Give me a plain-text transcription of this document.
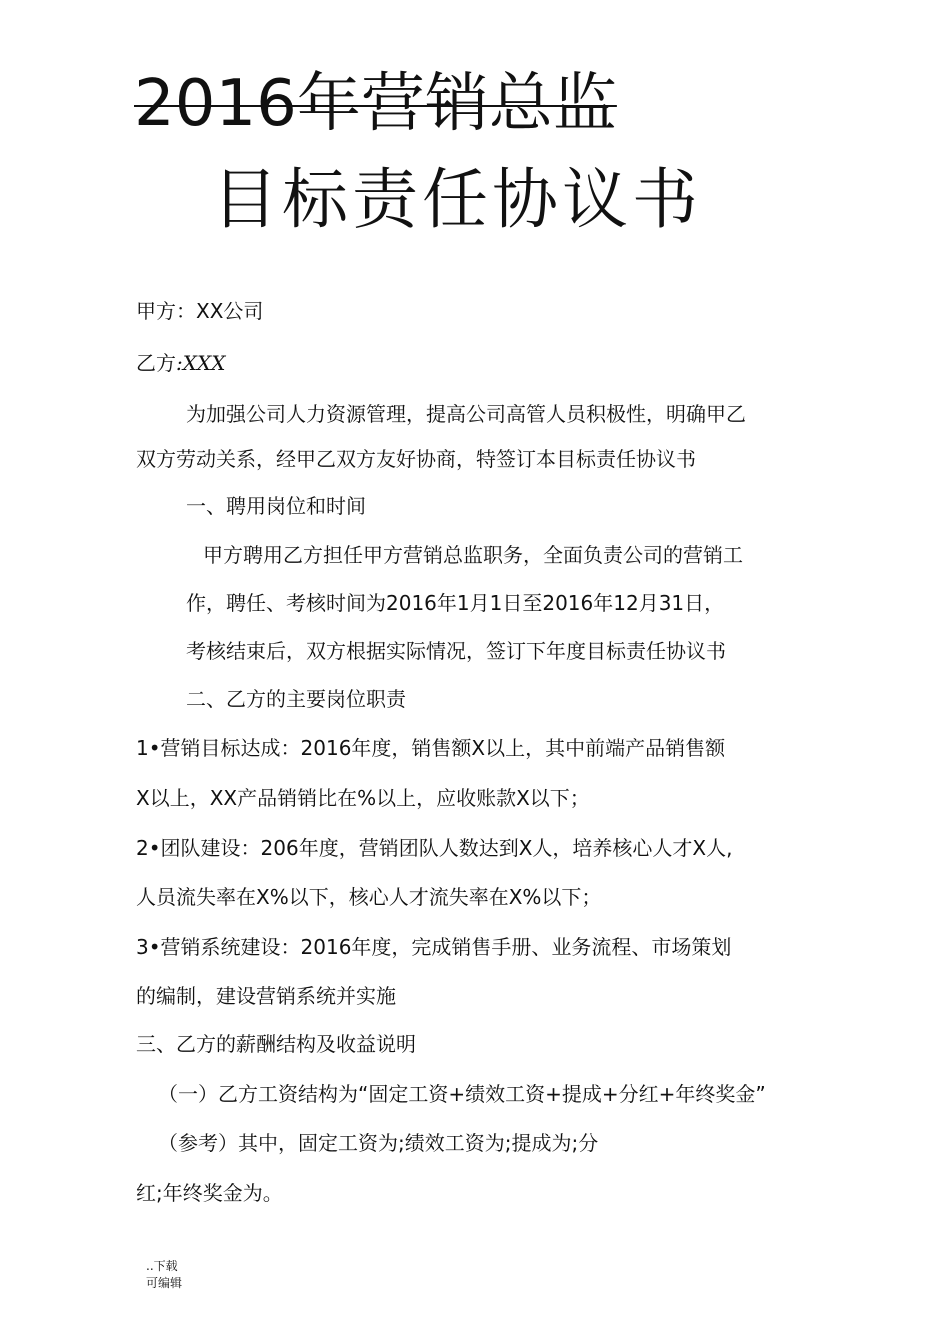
2016年营销总监
目标责任协议书
甲方：XX公司
乙方:XXX
为加强公司人力资源管理，提高公司高管人员积极性，明确甲乙
双方劳动关系，经甲乙双方友好协商，特签订本目标责任协议书
一、聘用岗位和时间
甲方聘用乙方担任甲方营销总监职务，全面负责公司的营销工
作，聘任、考核时间为2016年1月1日至2016年12月31日，
考核结束后，双方根据实际情况，签订下年度目标责任协议书
二、乙方的主要岗位职责
1•营销目标达成：2016年度，销售额X以上，其中前端产品销售额
X以上，XX产品销销比在%以上，应收账款X以下；
2•团队建设：206年度，营销团队人数达到X人，培养核心人才X人,
人员流失率在X%以下，核心人才流失率在X%以下；
3•营销系统建设：2016年度，完成销售手册、业务流程、市场策划
的编制，建设营销系统并实施
三、乙方的薪酬结构及收益说明
（一）乙方工资结构为“固定工资+绩效工资+提成+分红+年终奖金”
（参考）其中，固定工资为;绩效工资为;提成为;分
红;年终奖金为。
..下载
可编辑
